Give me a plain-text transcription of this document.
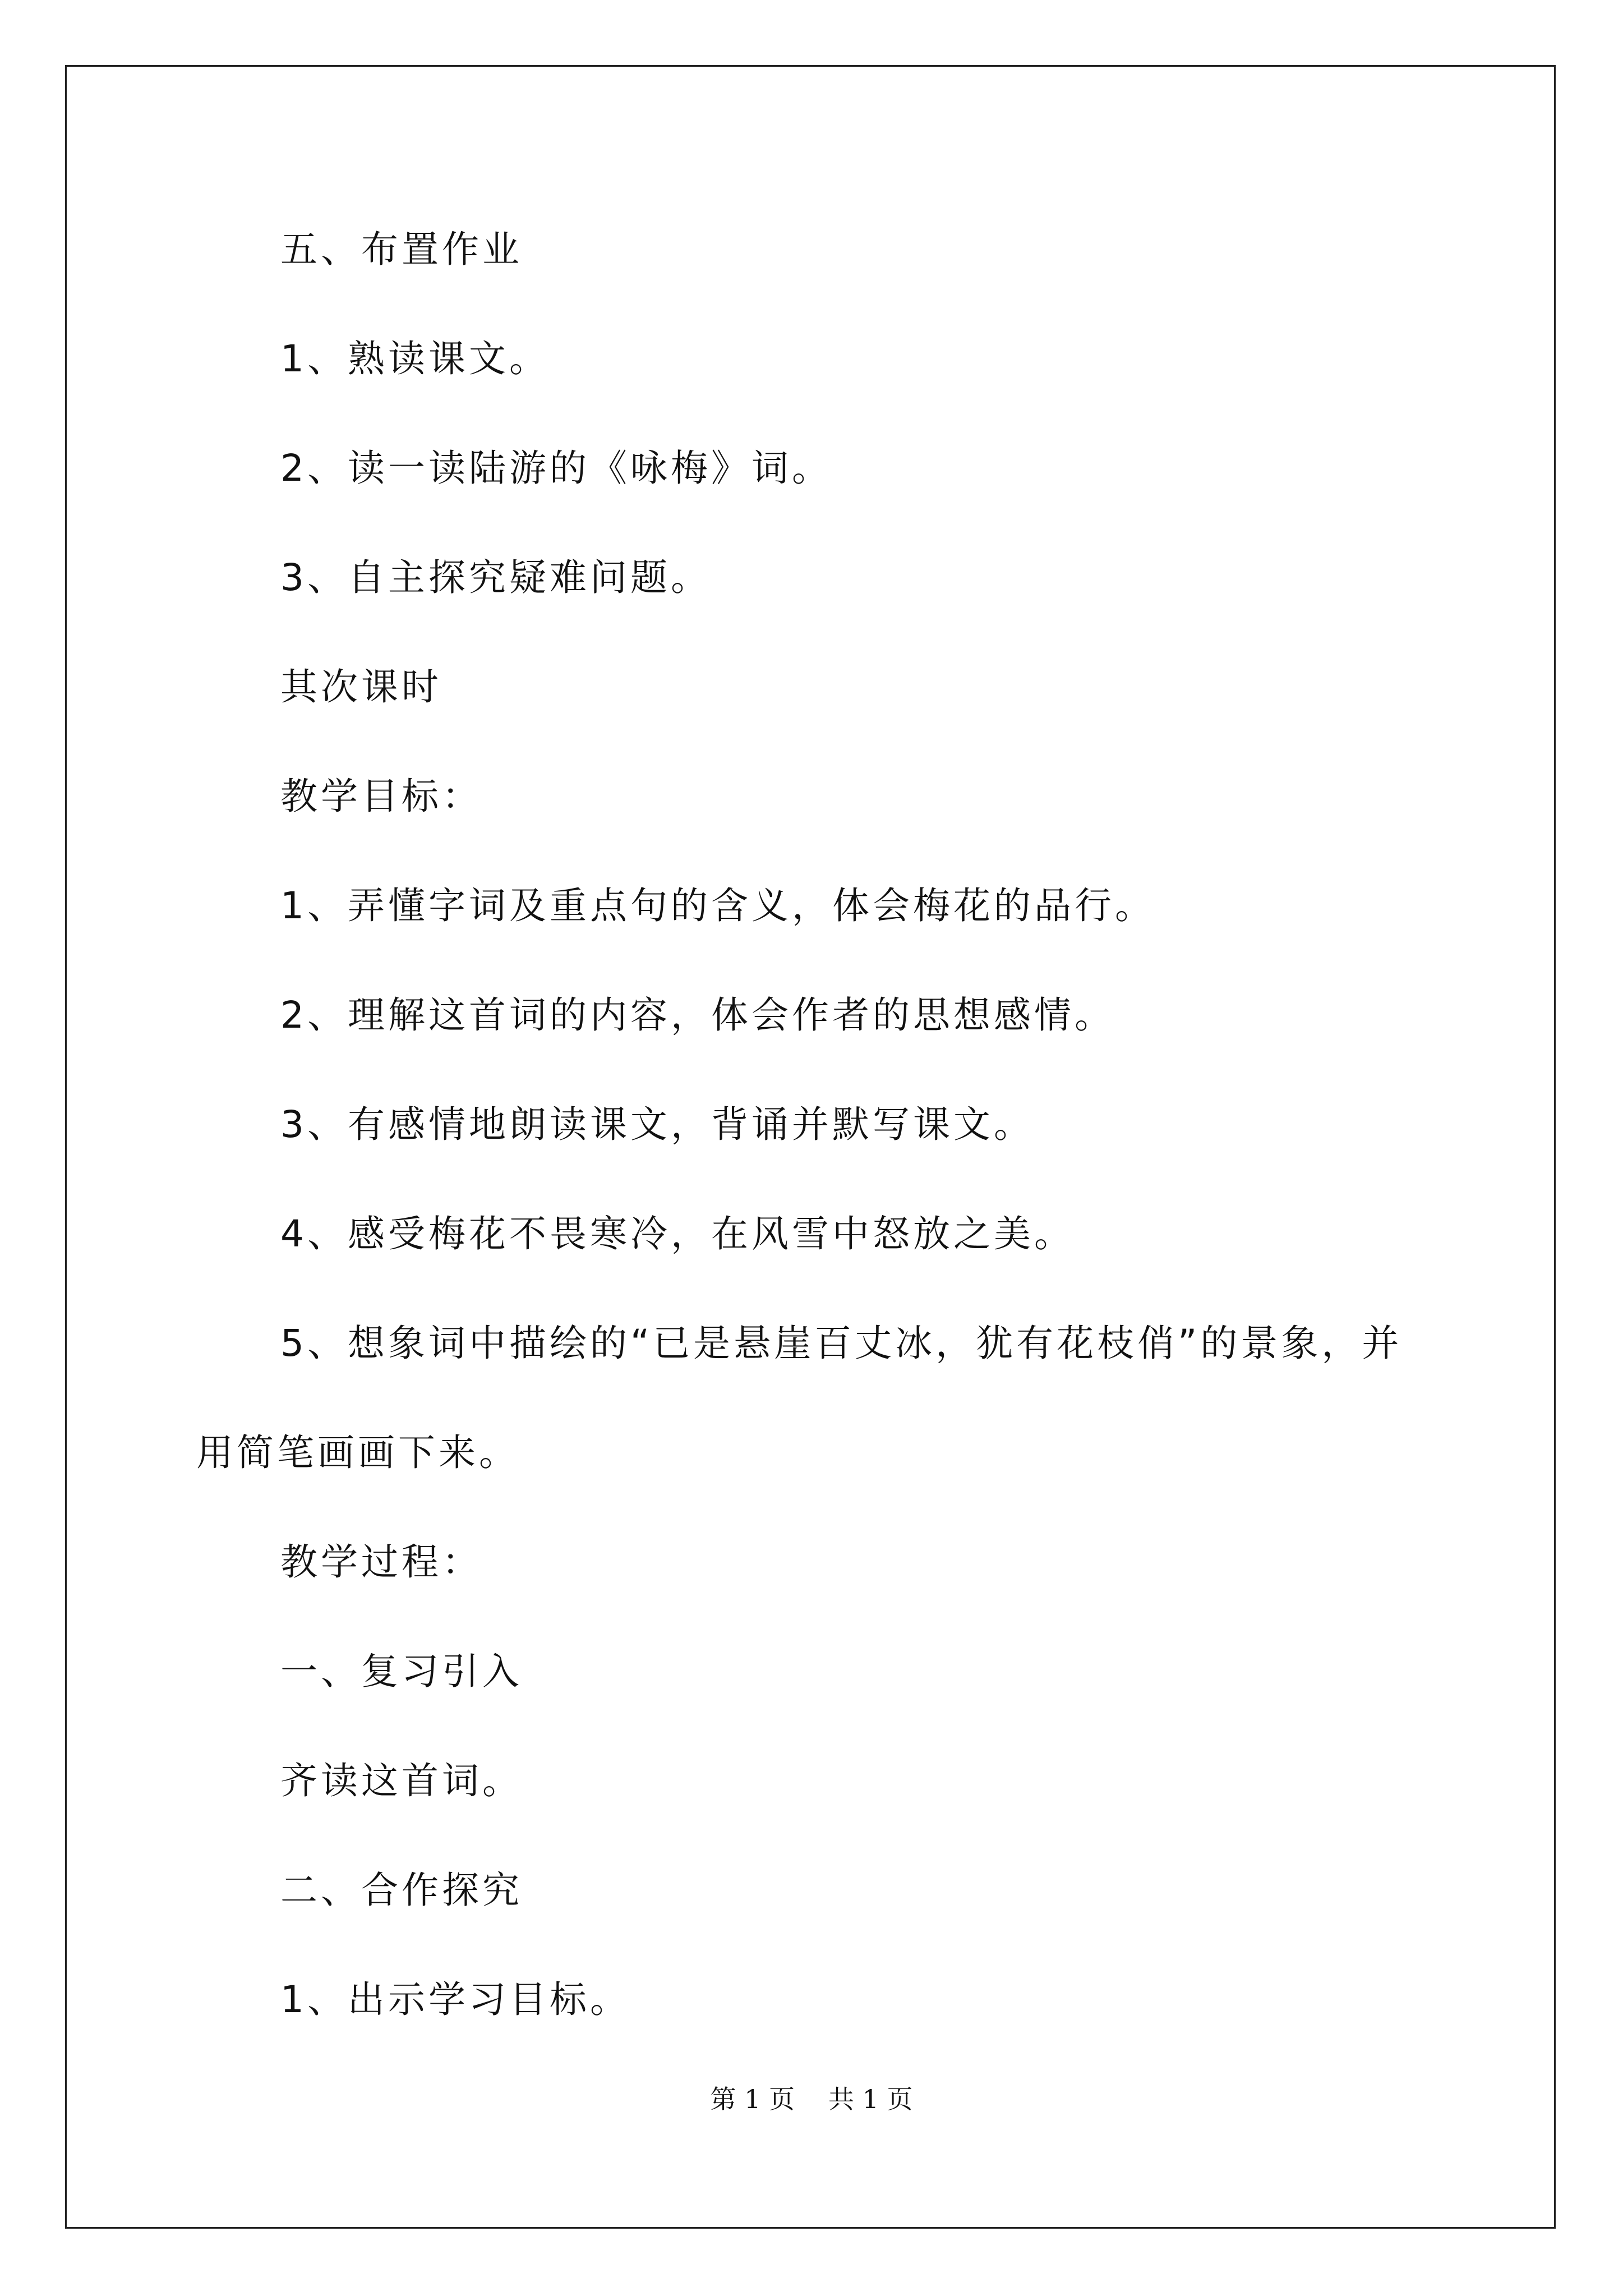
五、布置作业

1、熟读课文。

2、读一读陆游的《咏梅》词。

3、自主探究疑难问题。

其次课时

教学目标：

1、弄懂字词及重点句的含义，体会梅花的品行。

2、理解这首词的内容，体会作者的思想感情。

3、有感情地朗读课文，背诵并默写课文。

4、感受梅花不畏寒冷，在风雪中怒放之美。

5、想象词中描绘的“已是悬崖百丈冰，犹有花枝俏”的景象，并

用简笔画画下来。

教学过程：

一、复习引入

齐读这首词。

二、合作探究

1、出示学习目标。

第 1 页 共 1 页
